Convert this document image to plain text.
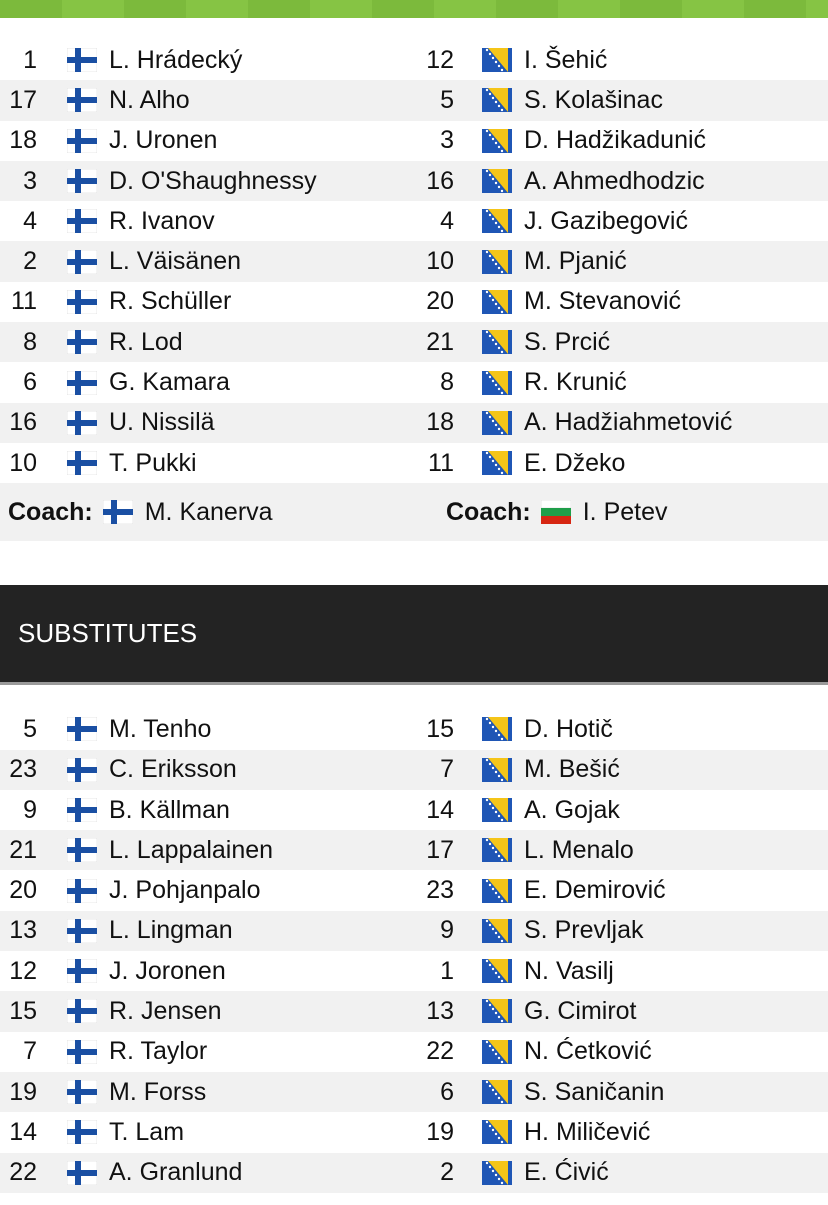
1	L. Hrádecký	12	I. Šehić
17	N. Alho	5	S. Kolašinac
18	J. Uronen	3	D. Hadžikadunić
3	D. O'Shaughnessy	16	A. Ahmedhodzic
4	R. Ivanov	4	J. Gazibegović
2	L. Väisänen	10	M. Pjanić
11	R. Schüller	20	M. Stevanović
8	R. Lod	21	S. Prcić
6	G. Kamara	8	R. Krunić
16	U. Nissilä	18	A. Hadžiahmetović
10	T. Pukki	11	E. Džeko
Coach: M. Kanerva	Coach: I. Petev
SUBSTITUTES
5	M. Tenho	15	D. Hotič
23	C. Eriksson	7	M. Bešić
9	B. Källman	14	A. Gojak
21	L. Lappalainen	17	L. Menalo
20	J. Pohjanpalo	23	E. Demirović
13	L. Lingman	9	S. Prevljak
12	J. Joronen	1	N. Vasilj
15	R. Jensen	13	G. Cimirot
7	R. Taylor	22	N. Ćetković
19	M. Forss	6	S. Saničanin
14	T. Lam	19	H. Miličević
22	A. Granlund	2	E. Ćivić
